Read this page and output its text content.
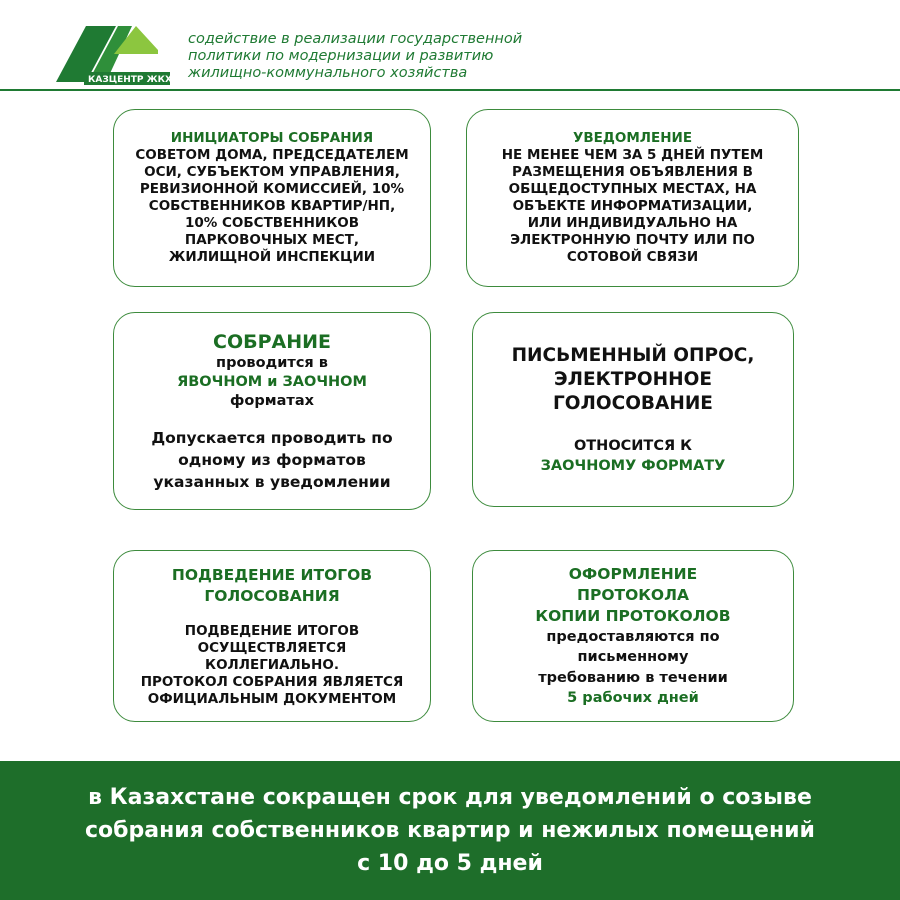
КАЗЦЕНТР ЖКХ
содействие в реализации государственной
политики по модернизации и развитию
жилищно-коммунального хозяйства
ИНИЦИАТОРЫ СОБРАНИЯ
СОВЕТОМ ДОМА, ПРЕДСЕДАТЕЛЕМ
ОСИ, СУБЪЕКТОМ УПРАВЛЕНИЯ,
РЕВИЗИОННОЙ КОМИССИЕЙ, 10%
СОБСТВЕННИКОВ КВАРТИР/НП,
10% СОБСТВЕННИКОВ
ПАРКОВОЧНЫХ МЕСТ,
ЖИЛИЩНОЙ ИНСПЕКЦИИ
УВЕДОМЛЕНИЕ
НЕ МЕНЕЕ ЧЕМ ЗА 5 ДНЕЙ ПУТЕМ
РАЗМЕЩЕНИЯ ОБЪЯВЛЕНИЯ В
ОБЩЕДОСТУПНЫХ МЕСТАХ, НА
ОБЪЕКТЕ ИНФОРМАТИЗАЦИИ,
ИЛИ ИНДИВИДУАЛЬНО НА
ЭЛЕКТРОННУЮ ПОЧТУ ИЛИ ПО
СОТОВОЙ СВЯЗИ
СОБРАНИЕ
проводится в
ЯВОЧНОМ и ЗАОЧНОМ
форматах
Допускается проводить по
одному из форматов
указанных в уведомлении
ПИСЬМЕННЫЙ ОПРОС,
ЭЛЕКТРОННОЕ
ГОЛОСОВАНИЕ
ОТНОСИТСЯ К
ЗАОЧНОМУ ФОРМАТУ
ПОДВЕДЕНИЕ ИТОГОВ
ГОЛОСОВАНИЯ
ПОДВЕДЕНИЕ ИТОГОВ
ОСУЩЕСТВЛЯЕТСЯ
КОЛЛЕГИАЛЬНО.
ПРОТОКОЛ СОБРАНИЯ ЯВЛЯЕТСЯ
ОФИЦИАЛЬНЫМ ДОКУМЕНТОМ
ОФОРМЛЕНИЕ
ПРОТОКОЛА
КОПИИ ПРОТОКОЛОВ
предоставляются по
письменному
требованию в течении
5 рабочих дней
в Казахстане сокращен срок для уведомлений о созыве
собрания собственников квартир и нежилых помещений
с 10 до 5 дней
